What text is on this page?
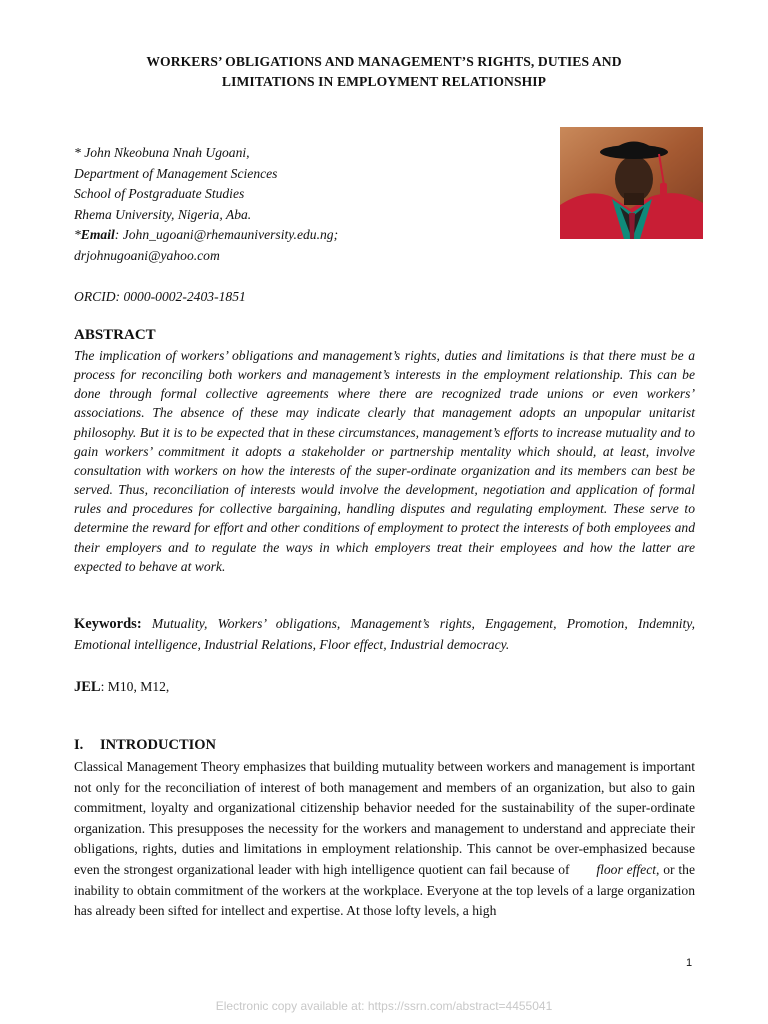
WORKERS’ OBLIGATIONS AND MANAGEMENT’S RIGHTS, DUTIES AND
LIMITATIONS IN EMPLOYMENT RELATIONSHIP
* John Nkeobuna Nnah Ugoani,
Department of Management Sciences
School of Postgraduate Studies
Rhema University, Nigeria, Aba.
*Email: John_ugoani@rhemauniversity.edu.ng;
drjohnugoani@yahoo.com
ORCID: 0000-0002-2403-1851
ABSTRACT
The implication of workers’ obligations and management’s rights, duties and limitations is that there must be a process for reconciling both workers and management’s interests in the employment relationship. This can be done through formal collective agreements where there are recognized trade unions or even workers’ associations. The absence of these may indicate clearly that management adopts an unpopular unitarist philosophy. But it is to be expected that in these circumstances, management’s efforts to increase mutuality and to gain workers’ commitment it adopts a stakeholder or partnership mentality which should, at least, involve consultation with workers on how the interests of the super-ordinate organization and its members can best be served. Thus, reconciliation of interests would involve the development, negotiation and application of formal rules and procedures for collective bargaining, handling disputes and regulating employment. These serve to determine the reward for effort and other conditions of employment to protect the interests of both employees and their employers and to regulate the ways in which employers treat their employees and how the latter are expected to behave at work.
Keywords: Mutuality, Workers’ obligations, Management’s rights, Engagement, Promotion, Indemnity, Emotional intelligence, Industrial Relations, Floor effect, Industrial democracy.
JEL: M10, M12,
I. INTRODUCTION
Classical Management Theory emphasizes that building mutuality between workers and management is important not only for the reconciliation of interest of both management and members of an organization, but also to gain commitment, loyalty and organizational citizenship behavior needed for the sustainability of the super-ordinate organization. This presupposes the necessity for the workers and management to understand and appreciate their obligations, rights, duties and limitations in employment relationship. This cannot be over-emphasized because even the strongest organizational leader with high intelligence quotient can fail because of floor effect, or the inability to obtain commitment of the workers at the workplace. Everyone at the top levels of a large organization has already been sifted for intellect and expertise. At those lofty levels, a high
1
Electronic copy available at: https://ssrn.com/abstract=4455041
